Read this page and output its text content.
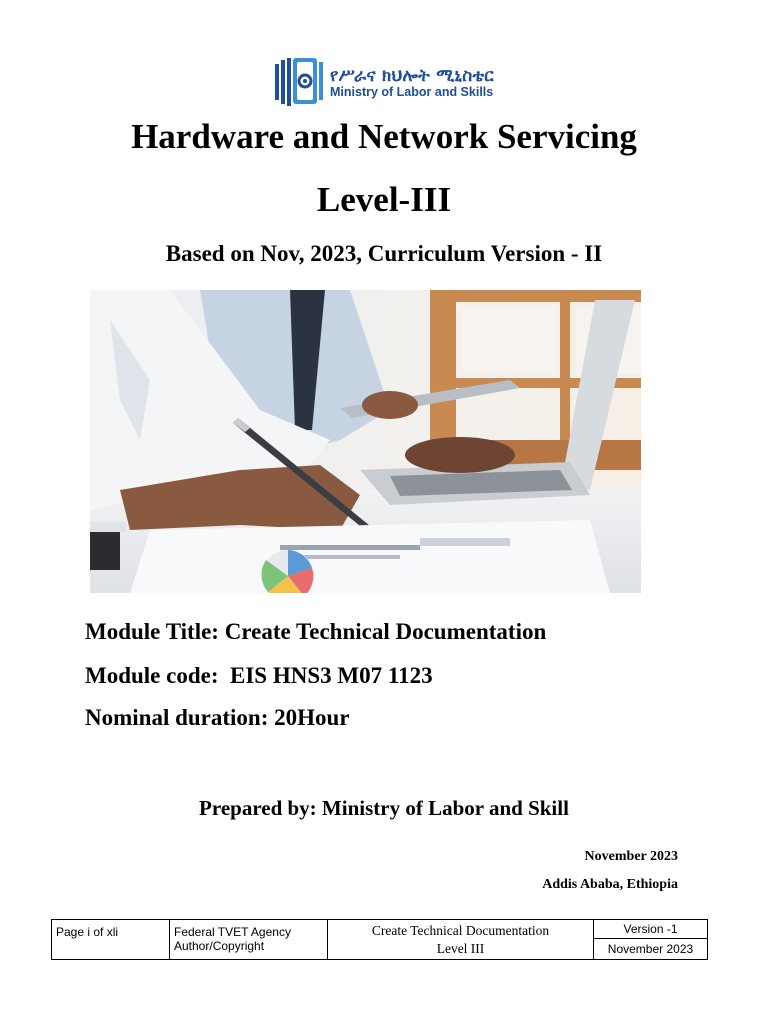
የሥራና ክህሎት ሚኒስቴር
Ministry of Labor and Skills
Hardware and Network Servicing
Level-III
Based on Nov, 2023, Curriculum Version - II
Module Title: Create Technical Documentation
Module code:  EIS HNS3 M07 1123
Nominal duration: 20Hour
Prepared by: Ministry of Labor and Skill
November 2023
Addis Ababa, Ethiopia
Page i of xli	Federal TVET Agency
Author/Copyright
Create Technical Documentation
Level III
Version -1
November 2023
